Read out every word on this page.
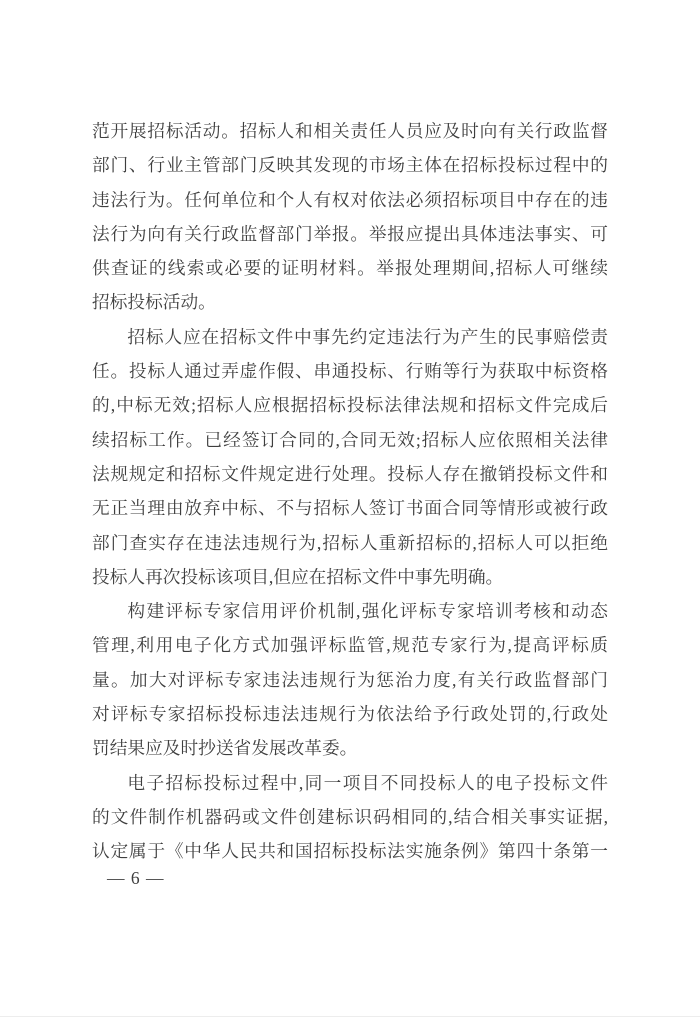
范开展招标活动。招标人和相关责任人员应及时向有关行政监督
部门、行业主管部门反映其发现的市场主体在招标投标过程中的
违法行为。任何单位和个人有权对依法必须招标项目中存在的违
法行为向有关行政监督部门举报。举报应提出具体违法事实、可
供查证的线索或必要的证明材料。举报处理期间,招标人可继续
招标投标活动。
招标人应在招标文件中事先约定违法行为产生的民事赔偿责
任。投标人通过弄虚作假、串通投标、行贿等行为获取中标资格
的,中标无效;招标人应根据招标投标法律法规和招标文件完成后
续招标工作。已经签订合同的,合同无效;招标人应依照相关法律
法规规定和招标文件规定进行处理。投标人存在撤销投标文件和
无正当理由放弃中标、不与招标人签订书面合同等情形或被行政
部门查实存在违法违规行为,招标人重新招标的,招标人可以拒绝
投标人再次投标该项目,但应在招标文件中事先明确。
构建评标专家信用评价机制,强化评标专家培训考核和动态
管理,利用电子化方式加强评标监管,规范专家行为,提高评标质
量。加大对评标专家违法违规行为惩治力度,有关行政监督部门
对评标专家招标投标违法违规行为依法给予行政处罚的,行政处
罚结果应及时抄送省发展改革委。
电子招标投标过程中,同一项目不同投标人的电子投标文件
的文件制作机器码或文件创建标识码相同的,结合相关事实证据,
认定属于《中华人民共和国招标投标法实施条例》第四十条第一
— 6 —
